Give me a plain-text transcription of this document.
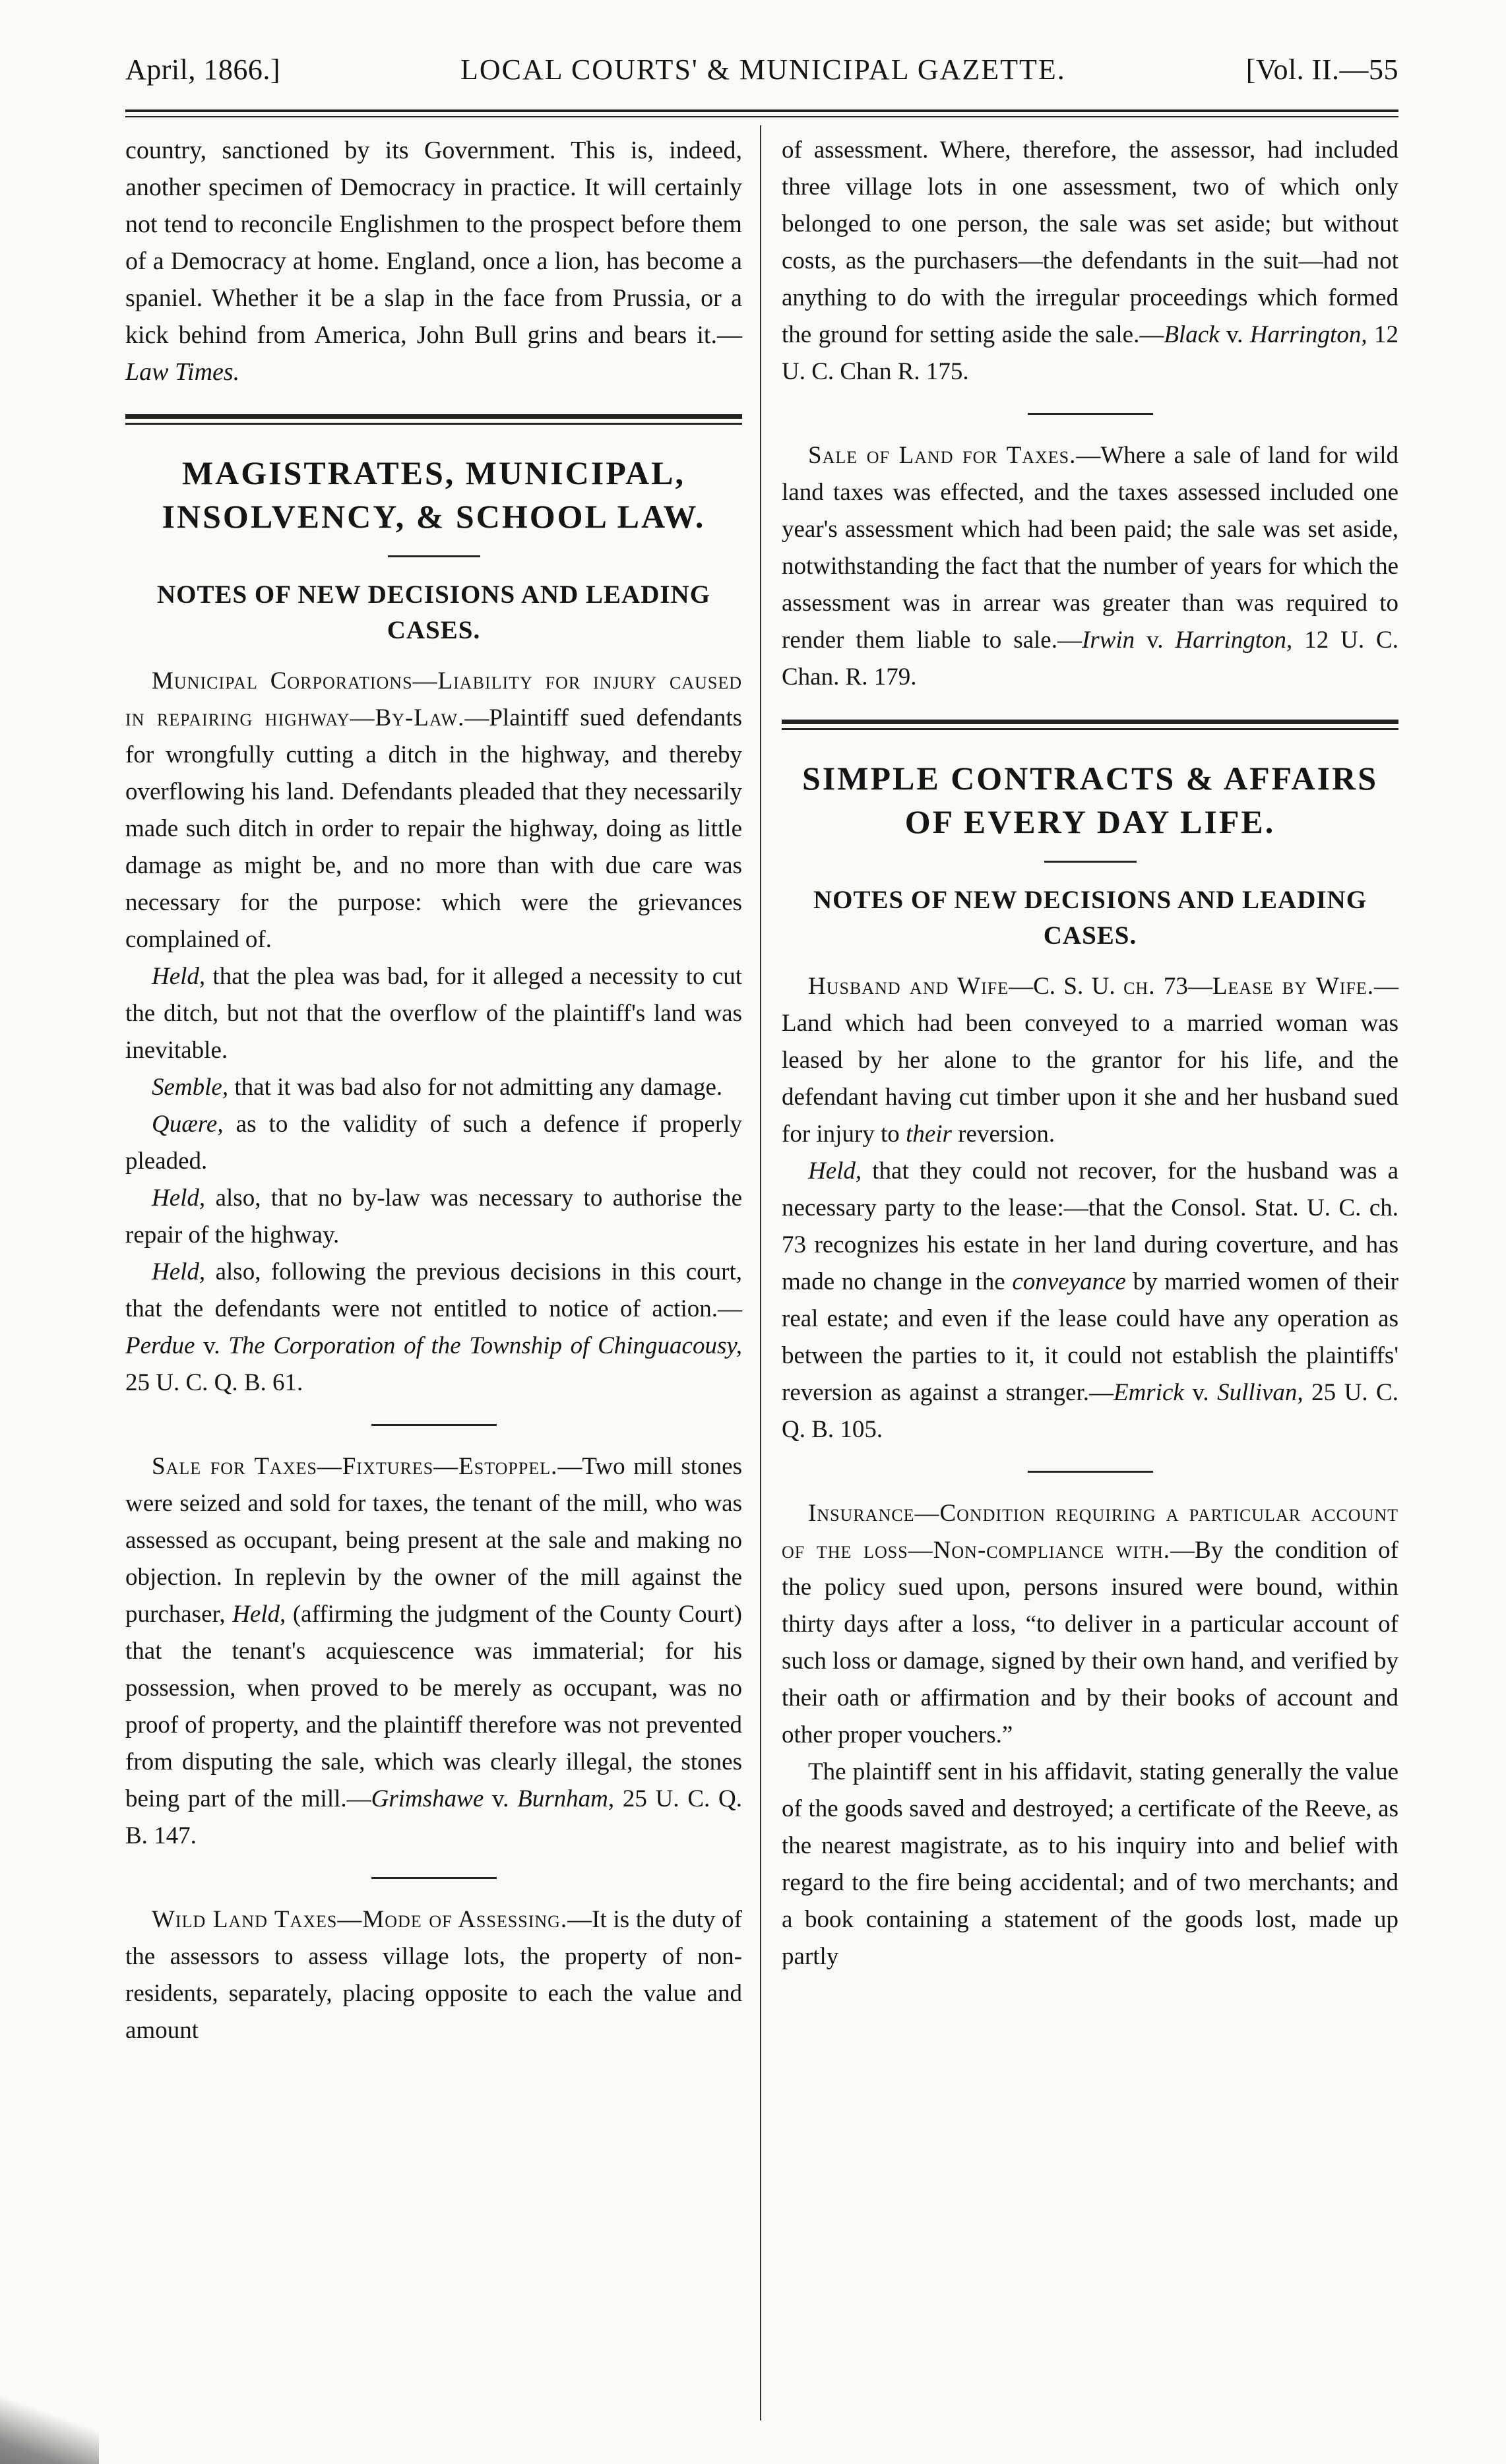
April, 1866.]	LOCAL COURTS' & MUNICIPAL GAZETTE.	[Vol. II.—55

country, sanctioned by its Government. This is, indeed, another specimen of Democracy in practice. It will certainly not tend to reconcile Englishmen to the prospect before them of a Democracy at home. England, once a lion, has become a spaniel. Whether it be a slap in the face from Prussia, or a kick behind from America, John Bull grins and bears it.— Law Times.

MAGISTRATES, MUNICIPAL,
INSOLVENCY, & SCHOOL LAW.
NOTES OF NEW DECISIONS AND LEADING CASES.

Municipal Corporations—Liability for injury caused in repairing highway—By-Law.—Plaintiff sued defendants for wrongfully cutting a ditch in the highway, and thereby overflowing his land. Defendants pleaded that they necessarily made such ditch in order to repair the highway, doing as little damage as might be, and no more than with due care was necessary for the purpose: which were the grievances complained of.

Held, that the plea was bad, for it alleged a necessity to cut the ditch, but not that the overflow of the plaintiff's land was inevitable.

Semble, that it was bad also for not admitting any damage.

Quære, as to the validity of such a defence if properly pleaded.

Held, also, that no by-law was necessary to authorise the repair of the highway.

Held, also, following the previous decisions in this court, that the defendants were not entitled to notice of action.—Perdue v. The Corporation of the Township of Chinguacousy, 25 U. C. Q. B. 61.

Sale for Taxes—Fixtures—Estoppel.—Two mill stones were seized and sold for taxes, the tenant of the mill, who was assessed as occupant, being present at the sale and making no objection. In replevin by the owner of the mill against the purchaser, Held, (affirming the judgment of the County Court) that the tenant's acquiescence was immaterial; for his possession, when proved to be merely as occupant, was no proof of property, and the plaintiff therefore was not prevented from disputing the sale, which was clearly illegal, the stones being part of the mill.—Grimshawe v. Burnham, 25 U. C. Q. B. 147.

Wild Land Taxes—Mode of Assessing.—It is the duty of the assessors to assess village lots, the property of non-residents, separately, placing opposite to each the value and amount

of assessment. Where, therefore, the assessor, had included three village lots in one assessment, two of which only belonged to one person, the sale was set aside; but without costs, as the purchasers—the defendants in the suit—had not anything to do with the irregular proceedings which formed the ground for setting aside the sale.—Black v. Harrington, 12 U. C. Chan R. 175.

Sale of Land for Taxes.—Where a sale of land for wild land taxes was effected, and the taxes assessed included one year's assessment which had been paid; the sale was set aside, notwithstanding the fact that the number of years for which the assessment was in arrear was greater than was required to render them liable to sale.—Irwin v. Harrington, 12 U. C. Chan. R. 179.

SIMPLE CONTRACTS & AFFAIRS
OF EVERY DAY LIFE.
NOTES OF NEW DECISIONS AND LEADING CASES.

Husband and Wife—C. S. U. ch. 73—Lease by Wife.—Land which had been conveyed to a married woman was leased by her alone to the grantor for his life, and the defendant having cut timber upon it she and her husband sued for injury to their reversion.

Held, that they could not recover, for the husband was a necessary party to the lease:—that the Consol. Stat. U. C. ch. 73 recognizes his estate in her land during coverture, and has made no change in the conveyance by married women of their real estate; and even if the lease could have any operation as between the parties to it, it could not establish the plaintiffs' reversion as against a stranger.—Emrick v. Sullivan, 25 U. C. Q. B. 105.

Insurance—Condition requiring a particular account of the loss—Non-compliance with.—By the condition of the policy sued upon, persons insured were bound, within thirty days after a loss, “to deliver in a particular account of such loss or damage, signed by their own hand, and verified by their oath or affirmation and by their books of account and other proper vouchers.”

The plaintiff sent in his affidavit, stating generally the value of the goods saved and destroyed; a certificate of the Reeve, as the nearest magistrate, as to his inquiry into and belief with regard to the fire being accidental; and of two merchants; and a book containing a statement of the goods lost, made up partly
